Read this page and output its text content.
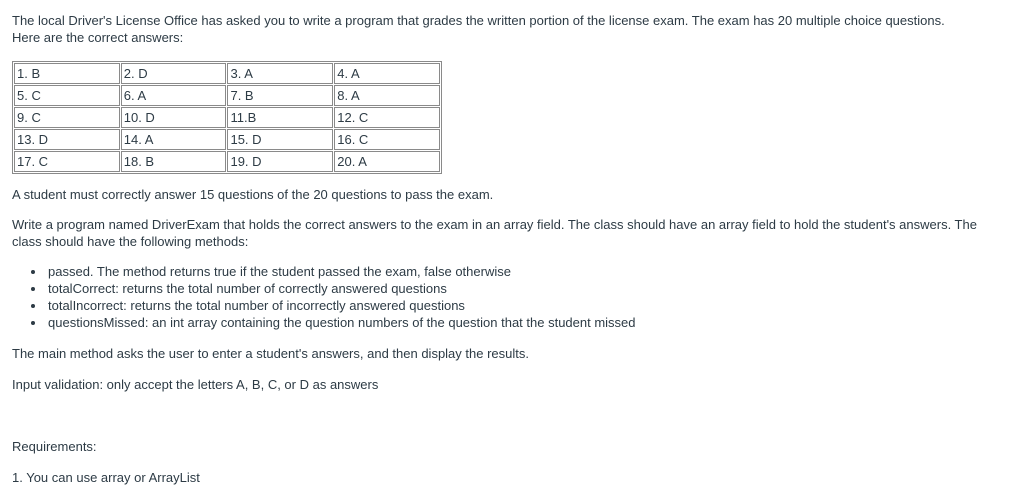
The local Driver's License Office has asked you to write a program that grades the written portion of the license exam. The exam has 20 multiple choice questions. Here are the correct answers:

1. B	2. D	3. A	4. A
5. C	6. A	7. B	8. A
9. C	10. D	11.B	12. C
13. D	14. A	15. D	16. C
17. C	18. B	19. D	20. A

A student must correctly answer 15 questions of the 20 questions to pass the exam.

Write a program named DriverExam that holds the correct answers to the exam in an array field. The class should have an array field to hold the student's answers. The class should have the following methods:

• passed. The method returns true if the student passed the exam, false otherwise
• totalCorrect: returns the total number of correctly answered questions
• totalIncorrect: returns the total number of incorrectly answered questions
• questionsMissed: an int array containing the question numbers of the question that the student missed

The main method asks the user to enter a student's answers, and then display the results.

Input validation: only accept the letters A, B, C, or D as answers

Requirements:

1. You can use array or ArrayList
